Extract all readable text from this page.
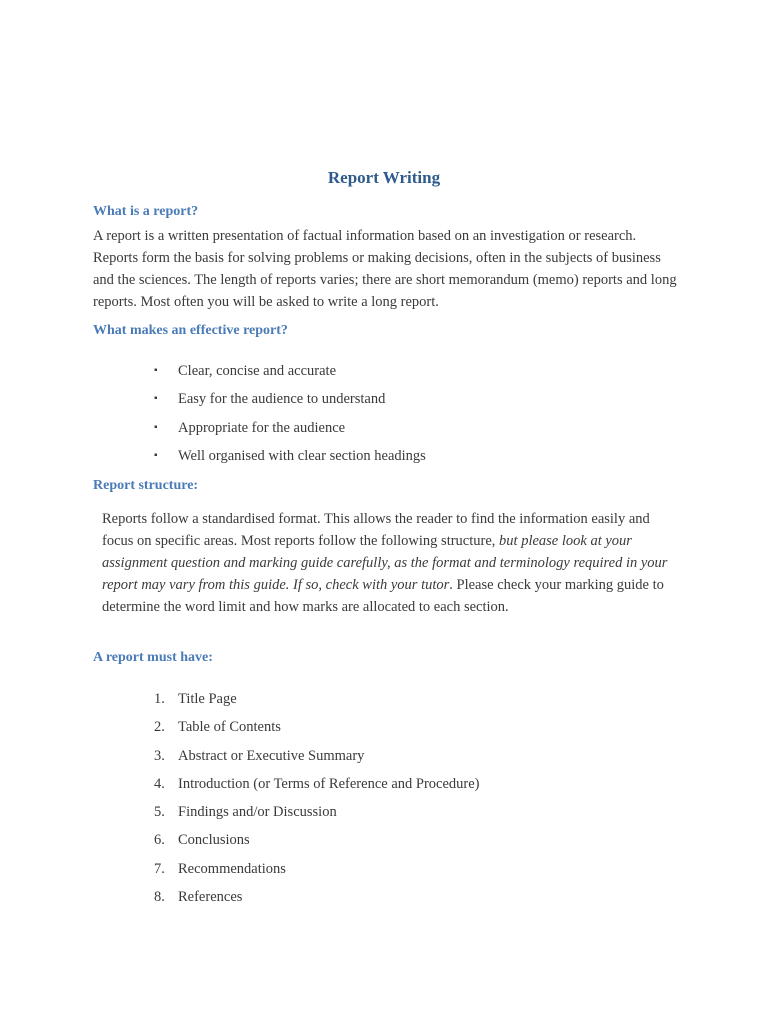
Report Writing
What is a report?

A report is a written presentation of factual information based on an investigation or research. Reports form the basis for solving problems or making decisions, often in the subjects of business and the sciences. The length of reports varies; there are short memorandum (memo) reports and long reports. Most often you will be asked to write a long report.

What makes an effective report?
▪ Clear, concise and accurate
▪ Easy for the audience to understand
▪ Appropriate for the audience
▪ Well organised with clear section headings
Report structure:

Reports follow a standardised format. This allows the reader to find the information easily and focus on specific areas. Most reports follow the following structure, but please look at your assignment question and marking guide carefully, as the format and terminology required in your report may vary from this guide. If so, check with your tutor. Please check your marking guide to determine the word limit and how marks are allocated to each section.

A report must have:
1. Title Page
2. Table of Contents
3. Abstract or Executive Summary
4. Introduction (or Terms of Reference and Procedure)
5. Findings and/or Discussion
6. Conclusions
7. Recommendations
8. References
